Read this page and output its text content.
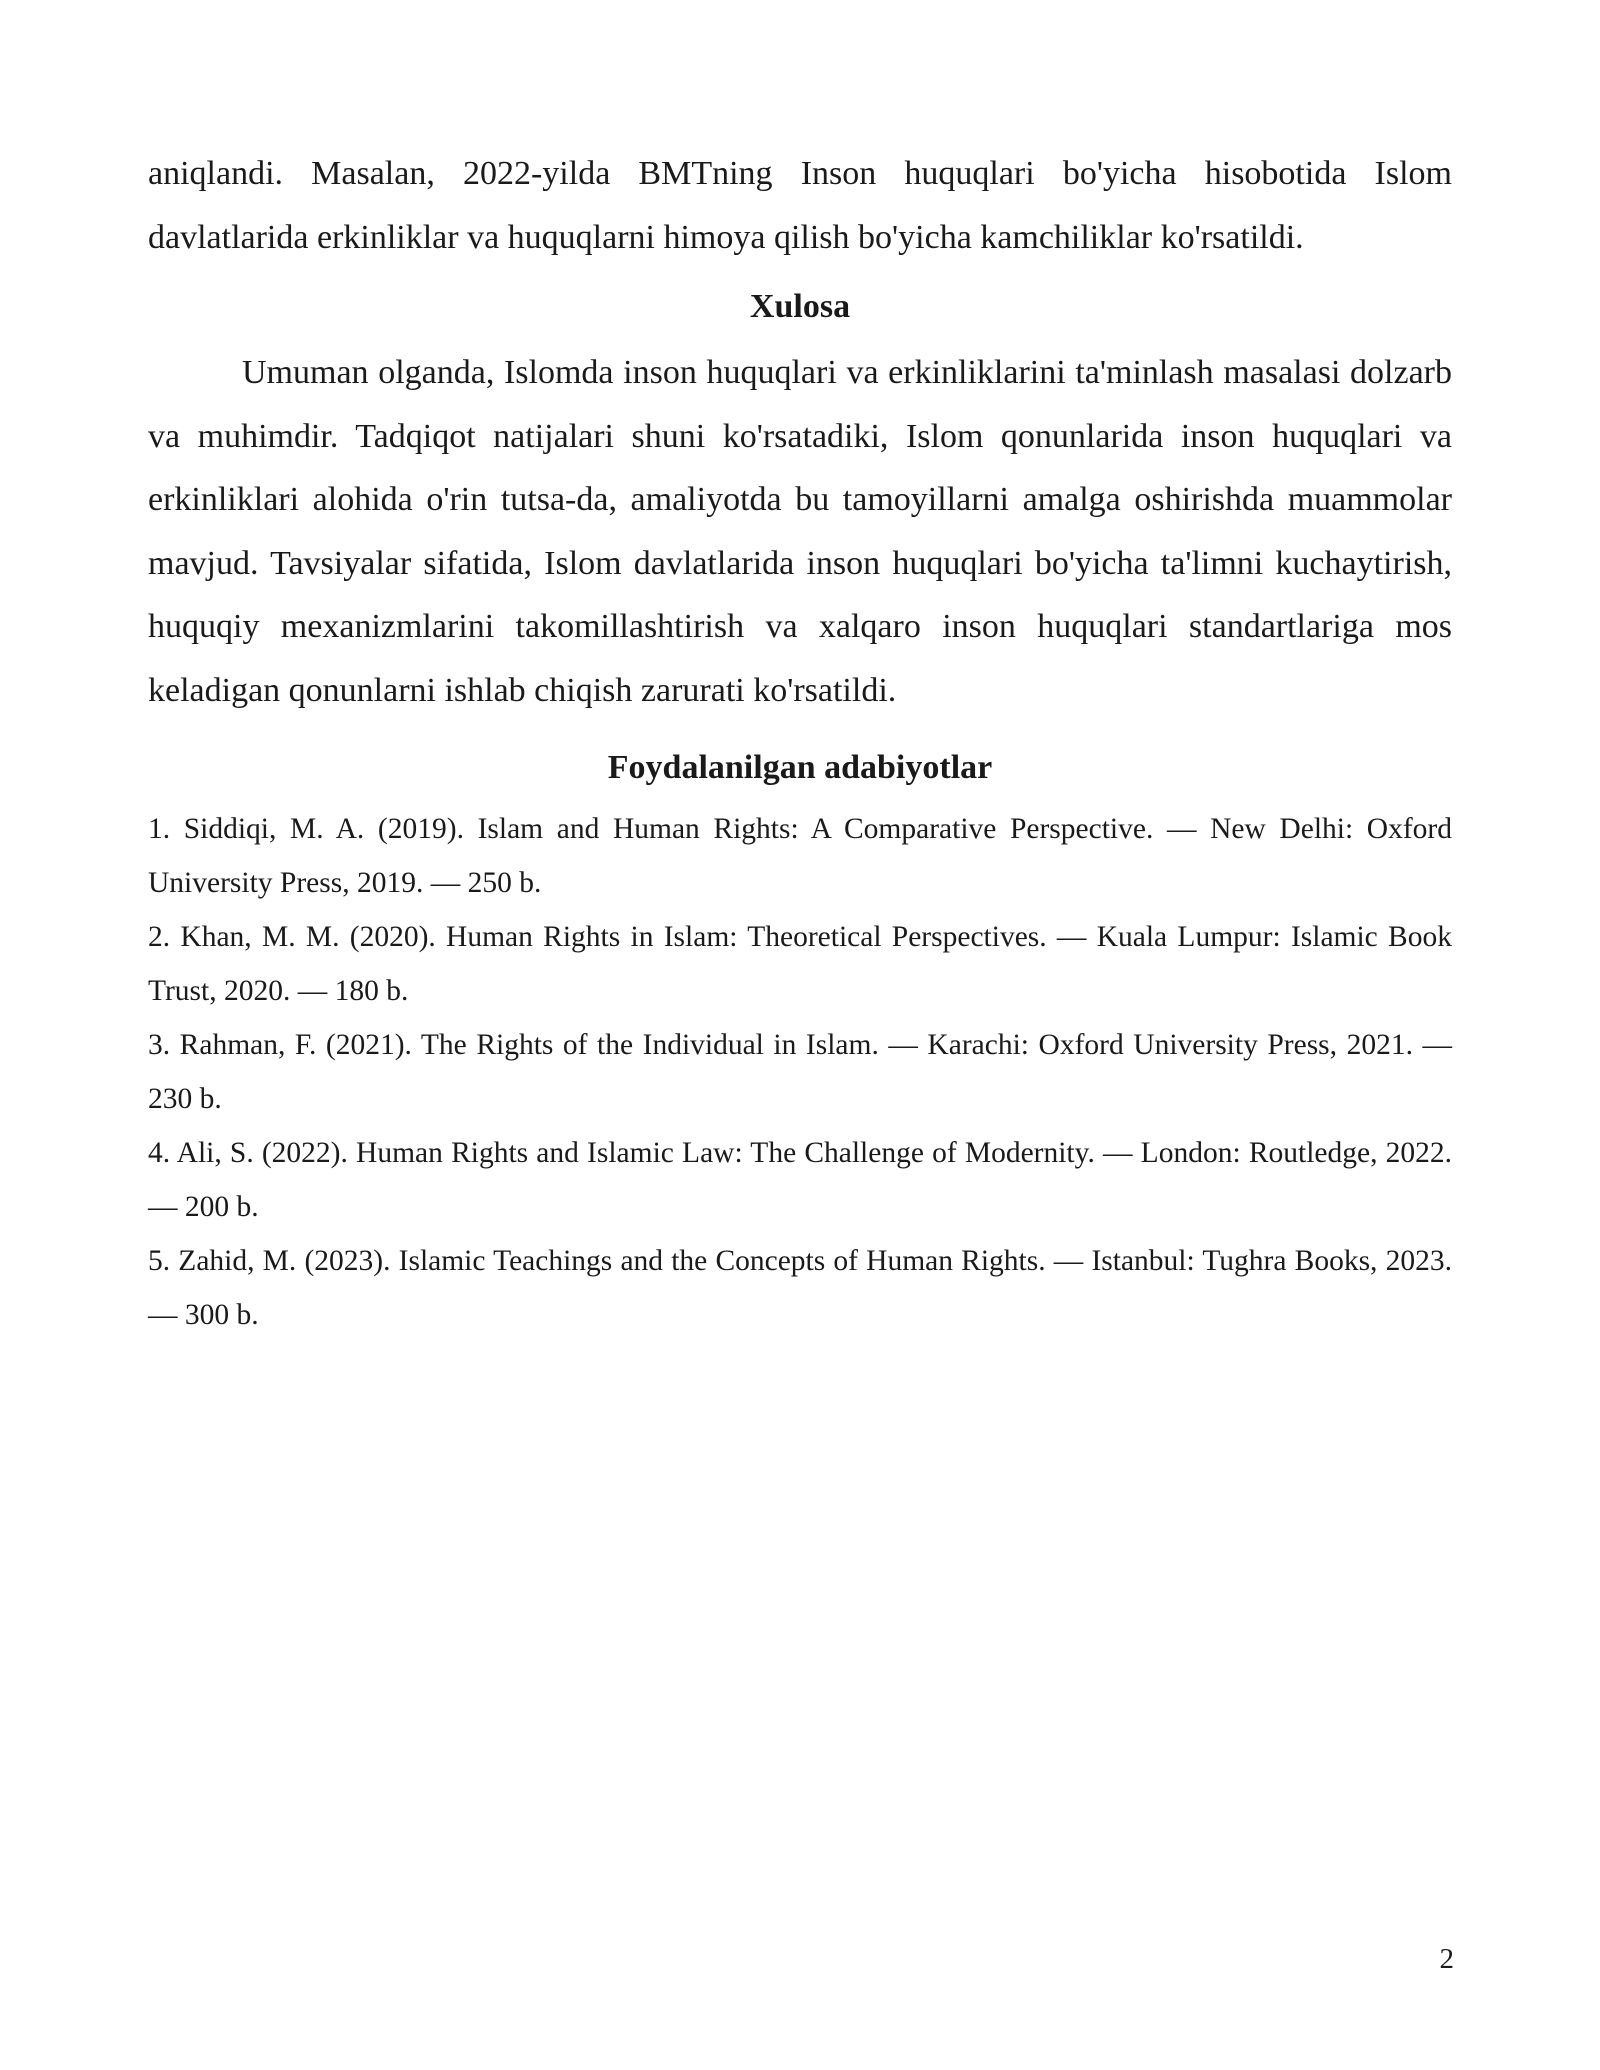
aniqlandi. Masalan, 2022-yilda BMTning Inson huquqlari bo'yicha hisobotida Islom davlatlarida erkinliklar va huquqlarni himoya qilish bo'yicha kamchiliklar ko'rsatildi.

Xulosa

Umuman olganda, Islomda inson huquqlari va erkinliklarini ta'minlash masalasi dolzarb va muhimdir. Tadqiqot natijalari shuni ko'rsatadiki, Islom qonunlarida inson huquqlari va erkinliklari alohida o'rin tutsa-da, amaliyotda bu tamoyillarni amalga oshirishda muammolar mavjud. Tavsiyalar sifatida, Islom davlatlarida inson huquqlari bo'yicha ta'limni kuchaytirish, huquqiy mexanizmlarini takomillashtirish va xalqaro inson huquqlari standartlariga mos keladigan qonunlarni ishlab chiqish zarurati ko'rsatildi.

Foydalanilgan adabiyotlar
1. Siddiqi, M. A. (2019). Islam and Human Rights: A Comparative Perspective. — New Delhi: Oxford University Press, 2019. — 250 b.
2. Khan, M. M. (2020). Human Rights in Islam: Theoretical Perspectives. — Kuala Lumpur: Islamic Book Trust, 2020. — 180 b.
3. Rahman, F. (2021). The Rights of the Individual in Islam. — Karachi: Oxford University Press, 2021. — 230 b.
4. Ali, S. (2022). Human Rights and Islamic Law: The Challenge of Modernity. — London: Routledge, 2022. — 200 b.
5. Zahid, M. (2023). Islamic Teachings and the Concepts of Human Rights. — Istanbul: Tughra Books, 2023. — 300 b.
2
